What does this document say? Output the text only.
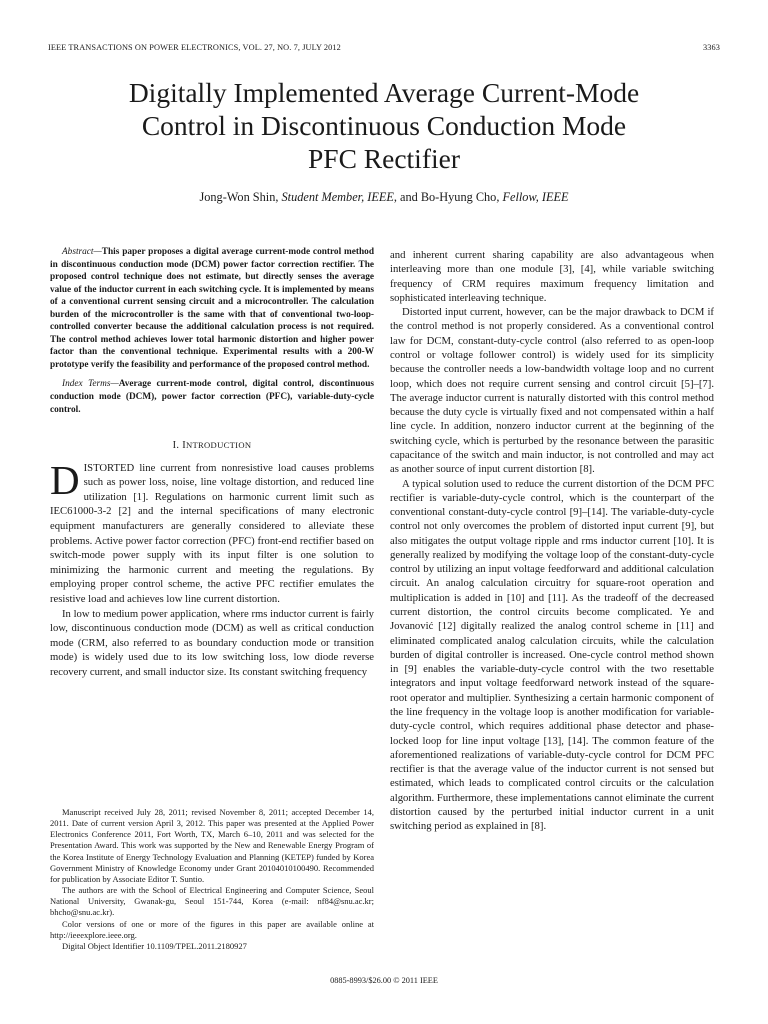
IEEE TRANSACTIONS ON POWER ELECTRONICS, VOL. 27, NO. 7, JULY 2012	3363
Digitally Implemented Average Current-Mode
Control in Discontinuous Conduction Mode
PFC Rectifier
Jong-Won Shin, Student Member, IEEE, and Bo-Hyung Cho, Fellow, IEEE

Abstract—This paper proposes a digital average current-mode control method in discontinuous conduction mode (DCM) power factor correction rectifier. The proposed control technique does not estimate, but directly senses the average value of the inductor current in each switching cycle. It is implemented by means of a conventional current sensing circuit and a microcontroller. The calculation burden of the microcontroller is the same with that of conventional two-loop-controlled converter because the additional calculation process is not required. The control method achieves lower total harmonic distortion and higher power factor than the conventional technique. Experimental results with a 200-W prototype verify the feasibility and performance of the proposed control method.

Index Terms—Average current-mode control, digital control, discontinuous conduction mode (DCM), power factor correction (PFC), variable-duty-cycle control.

I. INTRODUCTION

DISTORTED line current from nonresistive load causes problems such as power loss, noise, line voltage distortion, and reduced line utilization [1]. Regulations on harmonic current limit such as IEC61000-3-2 [2] and the internal specifications of many electronic equipment manufacturers are generally considered to alleviate these problems. Active power factor correction (PFC) front-end rectifier based on switch-mode power supply with its input filter is one solution to minimizing the harmonic current and meeting the regulations. By employing proper control scheme, the active PFC rectifier emulates the resistive load and achieves low line current distortion.

In low to medium power application, where rms inductor current is fairly low, discontinuous conduction mode (DCM) as well as critical conduction mode (CRM, also referred to as boundary conduction mode or transition mode) is widely used due to its low switching loss, low diode reverse recovery current, and small inductor size. Its constant switching frequency

Manuscript received July 28, 2011; revised November 8, 2011; accepted December 14, 2011. Date of current version April 3, 2012. This paper was presented at the Applied Power Electronics Conference 2011, Fort Worth, TX, March 6–10, 2011 and was selected for the Presentation Award. This work was supported by the New and Renewable Energy Program of the Korea Institute of Energy Technology Evaluation and Planning (KETEP) funded by Korea Government Ministry of Knowledge Economy under Grant 20104010100490. Recommended for publication by Associate Editor T. Suntio.

The authors are with the School of Electrical Engineering and Computer Science, Seoul National University, Gwanak-gu, Seoul 151-744, Korea (e-mail: nf84@snu.ac.kr; bhcho@snu.ac.kr).

Color versions of one or more of the figures in this paper are available online at http://ieeexplore.ieee.org.

Digital Object Identifier 10.1109/TPEL.2011.2180927

and inherent current sharing capability are also advantageous when interleaving more than one module [3], [4], while variable switching frequency of CRM requires maximum frequency limitation and sophisticated interleaving technique.

Distorted input current, however, can be the major drawback to DCM if the control method is not properly considered. As a conventional control law for DCM, constant-duty-cycle control (also referred to as open-loop control or voltage follower control) is widely used for its simplicity because the controller needs a low-bandwidth voltage loop and no current loop, which does not require current sensing and control circuit [5]–[7]. The average inductor current is naturally distorted with this control method because the duty cycle is virtually fixed and not compensated within a half line cycle. In addition, nonzero inductor current at the beginning of the switching cycle, which is perturbed by the resonance between the parasitic capacitance of the switch and main inductor, is not controlled and may act as another source of input current distortion [8].

A typical solution used to reduce the current distortion of the DCM PFC rectifier is variable-duty-cycle control, which is the counterpart of the conventional constant-duty-cycle control [9]–[14]. The variable-duty-cycle control not only overcomes the problem of distorted input current [9], but also mitigates the output voltage ripple and rms inductor current [10]. It is generally realized by modifying the voltage loop of the constant-duty-cycle control by utilizing an input voltage feedforward and additional calculation circuit. An analog calculation circuitry for square-root operation and multiplication is added in [10] and [11]. As the tradeoff of the decreased current distortion, the control circuits become complicated. Ye and Jovanović [12] digitally realized the analog control scheme in [11] and eliminated complicated analog calculation circuits, while the calculation burden of digital controller is increased. One-cycle control method shown in [9] enables the variable-duty-cycle control with the two resettable integrators and input voltage feedforward network instead of the square-root operator and multiplier. Synthesizing a certain harmonic component of the line frequency in the voltage loop is another modification for variable-duty-cycle control, which requires additional phase detector and phase-locked loop for line input voltage [13], [14]. The common feature of the aforementioned realizations of variable-duty-cycle control for DCM PFC rectifier is that the average value of the inductor current is not sensed but estimated, which leads to complicated control circuits or the calculation algorithm. Furthermore, these implementations cannot eliminate the current distortion caused by the perturbed initial inductor current in a unit switching period as explained in [8].

0885-8993/$26.00 © 2011 IEEE
